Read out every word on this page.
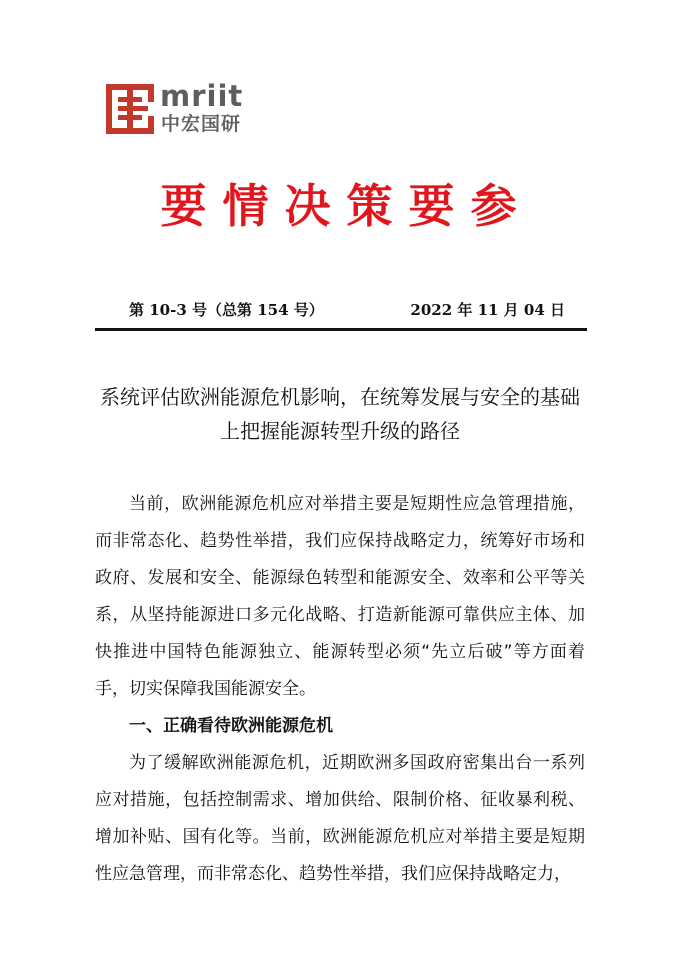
mriit
中宏国研
要情决策要参
第 10-3 号（总第 154 号）	2022 年 11 月 04 日
系统评估欧洲能源危机影响，在统筹发展与安全的基础上把握能源转型升级的路径

当前，欧洲能源危机应对举措主要是短期性应急管理措施，而非常态化、趋势性举措，我们应保持战略定力，统筹好市场和政府、发展和安全、能源绿色转型和能源安全、效率和公平等关系，从坚持能源进口多元化战略、打造新能源可靠供应主体、加快推进中国特色能源独立、能源转型必须“先立后破”等方面着手，切实保障我国能源安全。

一、正确看待欧洲能源危机

为了缓解欧洲能源危机，近期欧洲多国政府密集出台一系列应对措施，包括控制需求、增加供给、限制价格、征收暴利税、增加补贴、国有化等。当前，欧洲能源危机应对举措主要是短期性应急管理，而非常态化、趋势性举措，我们应保持战略定力，
